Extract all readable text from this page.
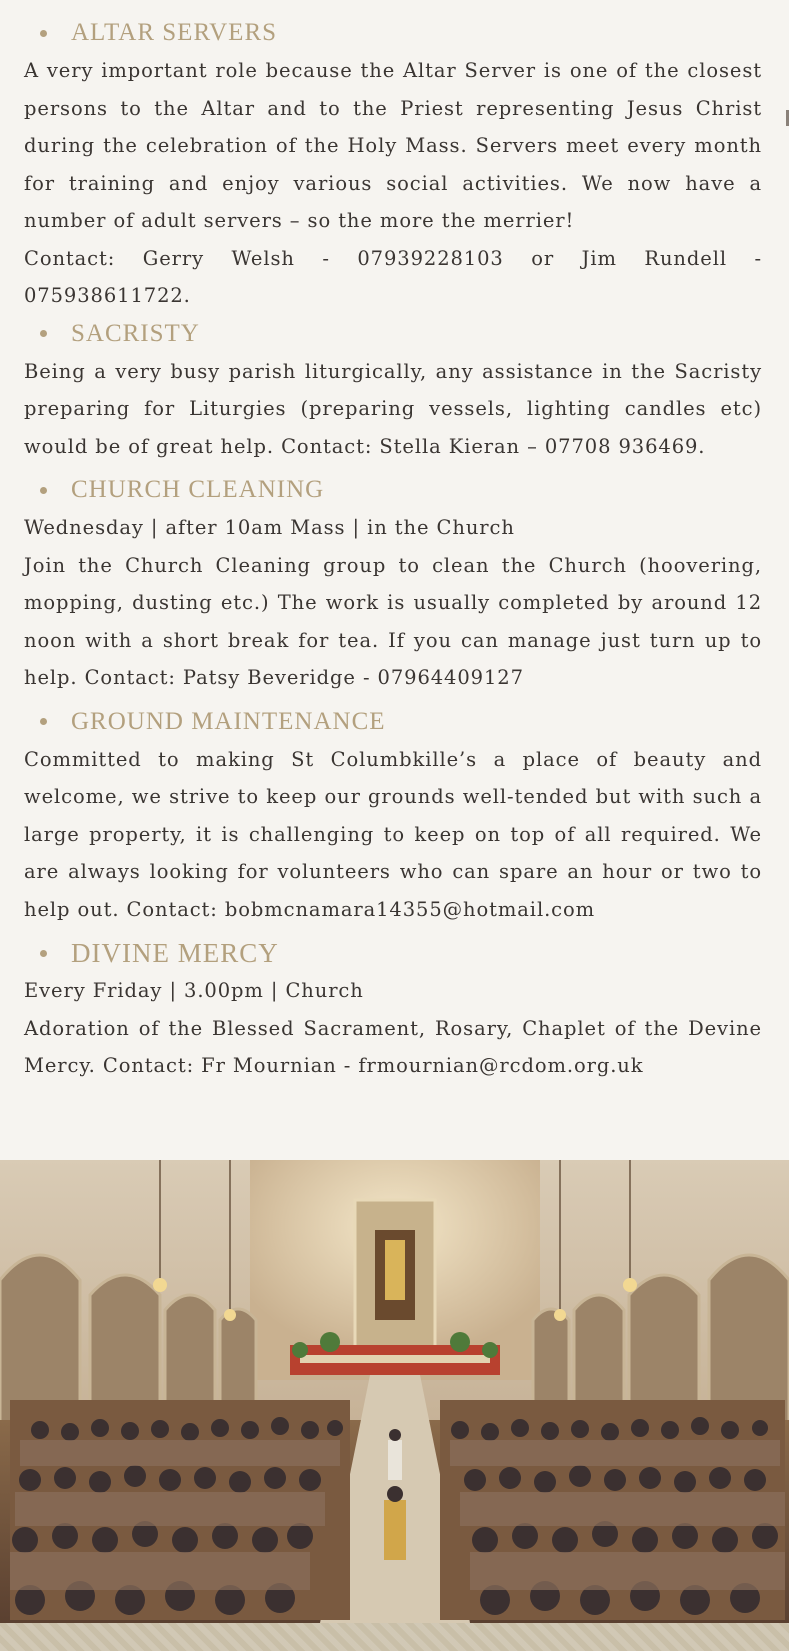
ALTAR SERVERS

A very important role because the Altar Server is one of the closest persons to the Altar and to the Priest representing Jesus Christ during the celebration of the Holy Mass. Servers meet every month for training and enjoy various social activities. We now have a number of adult servers – so the more the merrier!

Contact: Gerry Welsh - 07939228103 or Jim Rundell - 075938611722.

SACRISTY

Being a very busy parish liturgically, any assistance in the Sacristy preparing for Liturgies (preparing vessels, lighting candles etc) would be of great help. Contact: Stella Kieran – 07708 936469.

CHURCH CLEANING

Wednesday | after 10am Mass | in the Church

Join the Church Cleaning group to clean the Church (hoovering, mopping, dusting etc.) The work is usually completed by around 12 noon with a short break for tea. If you can manage just turn up to help. Contact: Patsy Beveridge - 07964409127

GROUND MAINTENANCE

Committed to making St Columbkille’s a place of beauty and welcome, we strive to keep our grounds well-tended but with such a large property, it is challenging to keep on top of all required. We are always looking for volunteers who can spare an hour or two to help out. Contact: bobmcnamara14355@hotmail.com

DIVINE MERCY

Every Friday | 3.00pm | Church

Adoration of the Blessed Sacrament, Rosary, Chaplet of the Devine Mercy. Contact: Fr Mournian - frmournian@rcdom.org.uk
